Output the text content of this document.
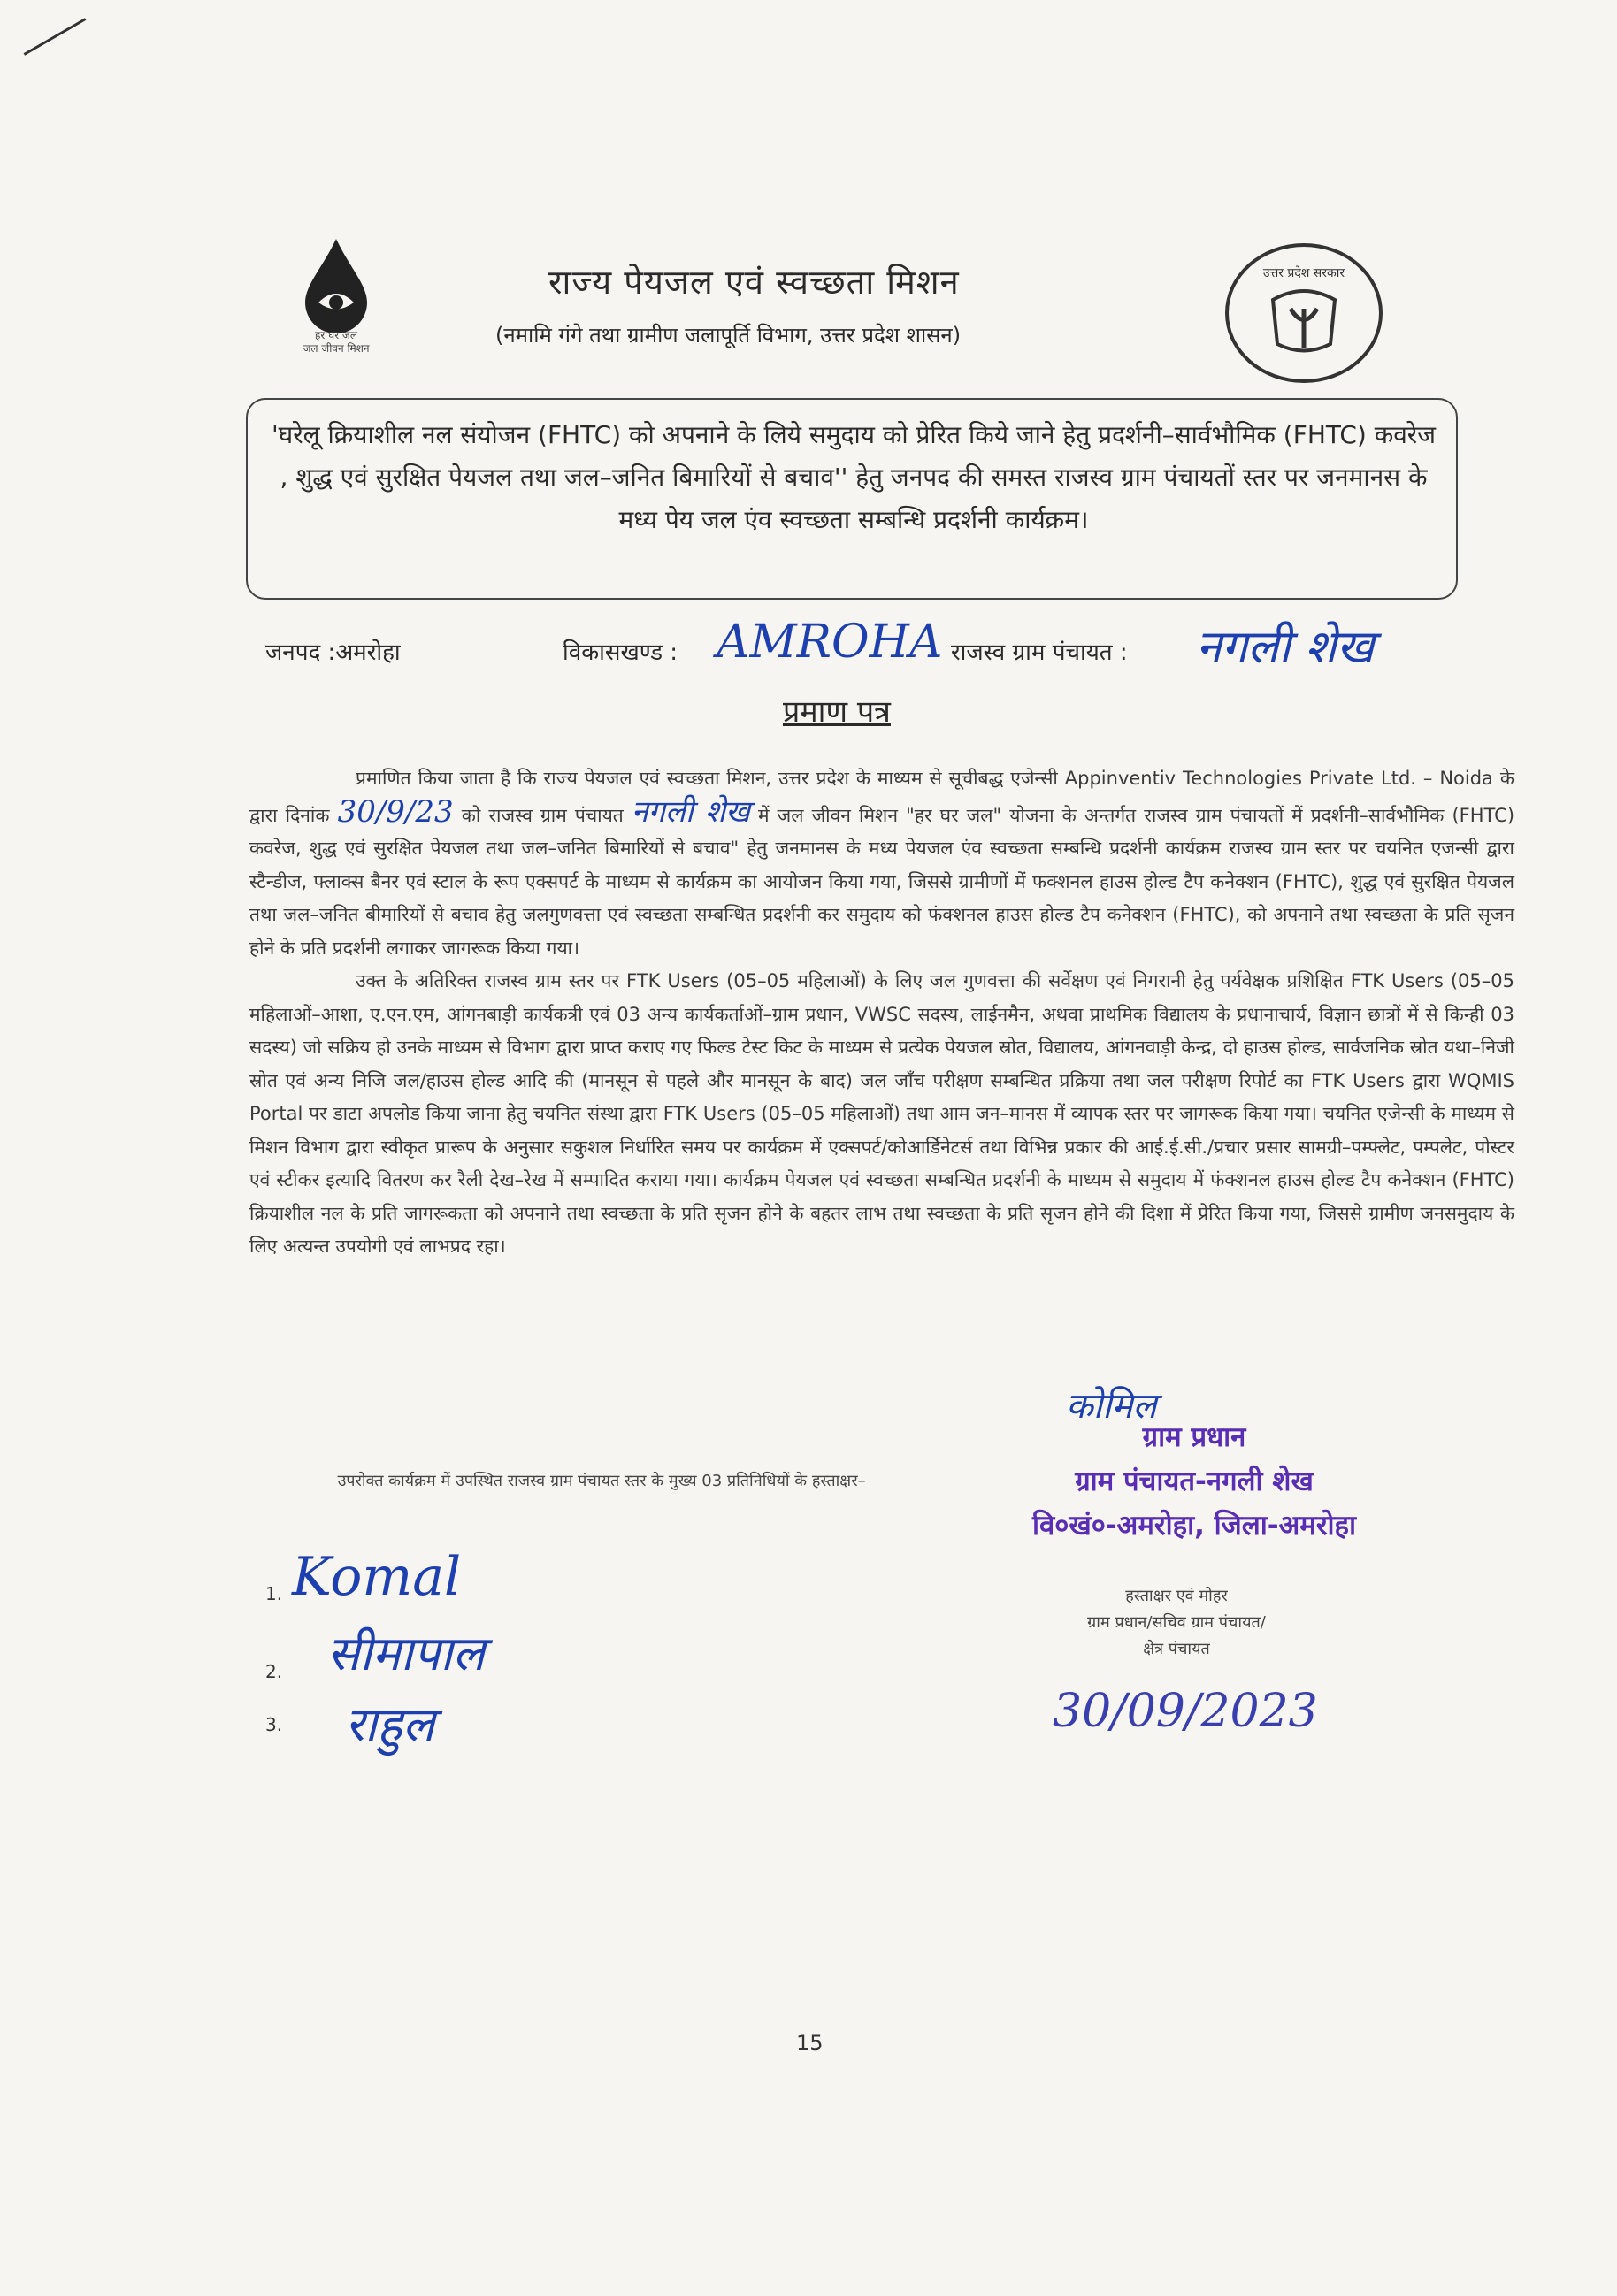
हर घर जल
जल जीवन मिशन
राज्य पेयजल एवं स्वच्छता मिशन
(नमामि गंगे तथा ग्रामीण जलापूर्ति विभाग, उत्तर प्रदेश शासन)
उत्तर प्रदेश सरकार
'घरेलू क्रियाशील नल संयोजन (FHTC) को अपनाने के लिये समुदाय को प्रेरित किये जाने हेतु प्रदर्शनी–सार्वभौमिक (FHTC) कवरेज , शुद्ध एवं सुरक्षित पेयजल तथा जल–जनित बिमारियों से बचाव'' हेतु जनपद की समस्त राजस्व ग्राम पंचायतों स्तर पर जनमानस के मध्य पेय जल एंव स्वच्छता सम्बन्धि प्रदर्शनी कार्यक्रम।
जनपद :अमरोहा	विकासखण्ड : AMROHA राजस्व ग्राम पंचायत : नगली शेख
प्रमाण पत्र

प्रमाणित किया जाता है कि राज्य पेयजल एवं स्वच्छता मिशन, उत्तर प्रदेश के माध्यम से सूचीबद्ध एजेन्सी Appinventiv Technologies Private Ltd. – Noida के द्वारा दिनांक 30/9/23 को राजस्व ग्राम पंचायत नगली शेख में जल जीवन मिशन "हर घर जल" योजना के अन्तर्गत राजस्व ग्राम पंचायतों में प्रदर्शनी–सार्वभौमिक (FHTC) कवरेज, शुद्ध एवं सुरक्षित पेयजल तथा जल–जनित बिमारियों से बचाव" हेतु जनमानस के मध्य पेयजल एंव स्वच्छता सम्बन्धि प्रदर्शनी कार्यक्रम राजस्व ग्राम स्तर पर चयनित एजन्सी द्वारा स्टैन्डीज, फ्लाक्स बैनर एवं स्टाल के रूप एक्सपर्ट के माध्यम से कार्यक्रम का आयोजन किया गया, जिससे ग्रामीणों में फक्शनल हाउस होल्ड टैप कनेक्शन (FHTC), शुद्ध एवं सुरक्षित पेयजल तथा जल–जनित बीमारियों से बचाव हेतु जलगुणवत्ता एवं स्वच्छता सम्बन्धित प्रदर्शनी कर समुदाय को फंक्शनल हाउस होल्ड टैप कनेक्शन (FHTC), को अपनाने तथा स्वच्छता के प्रति सृजन होने के प्रति प्रदर्शनी लगाकर जागरूक किया गया।

उक्त के अतिरिक्त राजस्व ग्राम स्तर पर FTK Users (05–05 महिलाओं) के लिए जल गुणवत्ता की सर्वेक्षण एवं निगरानी हेतु पर्यवेक्षक प्रशिक्षित FTK Users (05–05 महिलाओं–आशा, ए.एन.एम, आंगनबाड़ी कार्यकत्री एवं 03 अन्य कार्यकर्ताओं–ग्राम प्रधान, VWSC सदस्य, लाईनमैन, अथवा प्राथमिक विद्यालय के प्रधानाचार्य, विज्ञान छात्रों में से किन्ही 03 सदस्य) जो सक्रिय हो उनके माध्यम से विभाग द्वारा प्राप्त कराए गए फिल्ड टेस्ट किट के माध्यम से प्रत्येक पेयजल स्रोत, विद्यालय, आंगनवाड़ी केन्द्र, दो हाउस होल्ड, सार्वजनिक स्रोत यथा–निजी स्रोत एवं अन्य निजि जल/हाउस होल्ड आदि की (मानसून से पहले और मानसून के बाद) जल जाँच परीक्षण सम्बन्धित प्रक्रिया तथा जल परीक्षण रिपोर्ट का FTK Users द्वारा WQMIS Portal पर डाटा अपलोड किया जाना हेतु चयनित संस्था द्वारा FTK Users (05–05 महिलाओं) तथा आम जन–मानस में व्यापक स्तर पर जागरूक किया गया। चयनित एजेन्सी के माध्यम से मिशन विभाग द्वारा स्वीकृत प्रारूप के अनुसार सकुशल निर्धारित समय पर कार्यक्रम में एक्सपर्ट/कोआर्डिनेटर्स तथा विभिन्न प्रकार की आई.ई.सी./प्रचार प्रसार सामग्री–पम्फ्लेट, पम्पलेट, पोस्टर एवं स्टीकर इत्यादि वितरण कर रैली देख–रेख में सम्पादित कराया गया। कार्यक्रम पेयजल एवं स्वच्छता सम्बन्धित प्रदर्शनी के माध्यम से समुदाय में फंक्शनल हाउस होल्ड टैप कनेक्शन (FHTC) क्रियाशील नल के प्रति जागरूकता को अपनाने तथा स्वच्छता के प्रति सृजन होने के बहतर लाभ तथा स्वच्छता के प्रति सृजन होने की दिशा में प्रेरित किया गया, जिससे ग्रामीण जनसमुदाय के लिए अत्यन्त उपयोगी एवं लाभप्रद रहा।

उपरोक्त कार्यक्रम में उपस्थित राजस्व ग्राम पंचायत स्तर के मुख्य 03 प्रतिनिधियों के हस्ताक्षर–
1. Komal
2. सीमापाल
3. राहुल
कोमिल
ग्राम प्रधान
ग्राम पंचायत-नगली शेख
वि०खं०-अमरोहा, जिला-अमरोहा
हस्ताक्षर एवं मोहर
ग्राम प्रधान/सचिव ग्राम पंचायत/
क्षेत्र पंचायत
30/09/2023
15
